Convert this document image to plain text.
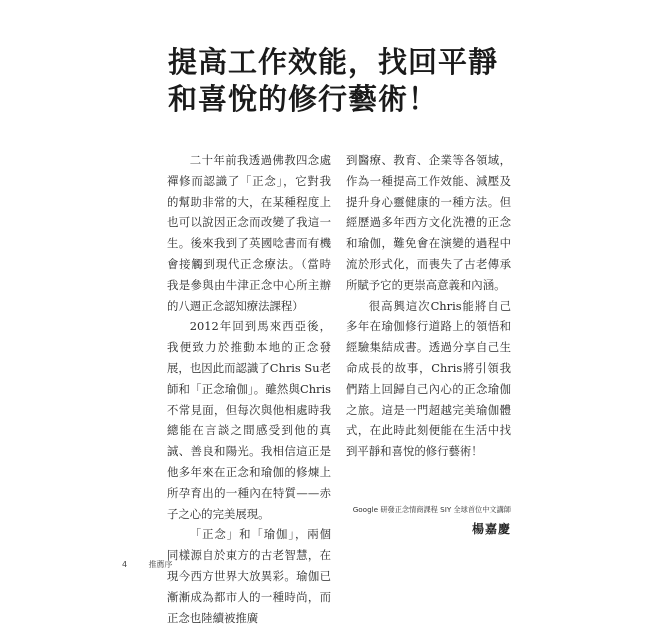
提高工作效能，找回平靜
和喜悅的修行藝術！

二十年前我透過佛教四念處禪修而認識了「正念」，它對我的幫助非常的大，在某種程度上也可以說因正念而改變了我這一生。後來我到了英國唸書而有機會接觸到現代正念療法。（當時我是參與由牛津正念中心所主辦的八週正念認知療法課程）

2012年回到馬來西亞後，我便致力於推動本地的正念發展，也因此而認識了Chris Su老師和「正念瑜伽」。雖然與Chris不常見面，但每次與他相處時我總能在言談之間感受到他的真誠、善良和陽光。我相信這正是他多年來在正念和瑜伽的修煉上所孕育出的一種內在特質——赤子之心的完美展現。

「正念」和「瑜伽」，兩個同樣源自於東方的古老智慧，在現今西方世界大放異彩。瑜伽已漸漸成為都市人的一種時尚，而正念也陸續被推廣

到醫療、教育、企業等各領域，作為一種提高工作效能、減壓及提升身心靈健康的一種方法。但經歷過多年西方文化洗禮的正念和瑜伽，難免會在演變的過程中流於形式化，而喪失了古老傳承所賦予它的更崇高意義和內涵。

很高興這次Chris能將自己多年在瑜伽修行道路上的領悟和經驗集結成書。透過分享自己生命成長的故事，Chris將引領我們踏上回歸自己內心的正念瑜伽之旅。這是一門超越完美瑜伽體式，在此時此刻便能在生活中找到平靜和喜悅的修行藝術！

Google 研發正念情商課程 SIY 全球首位中文講師
楊嘉慶
4	推薦序
